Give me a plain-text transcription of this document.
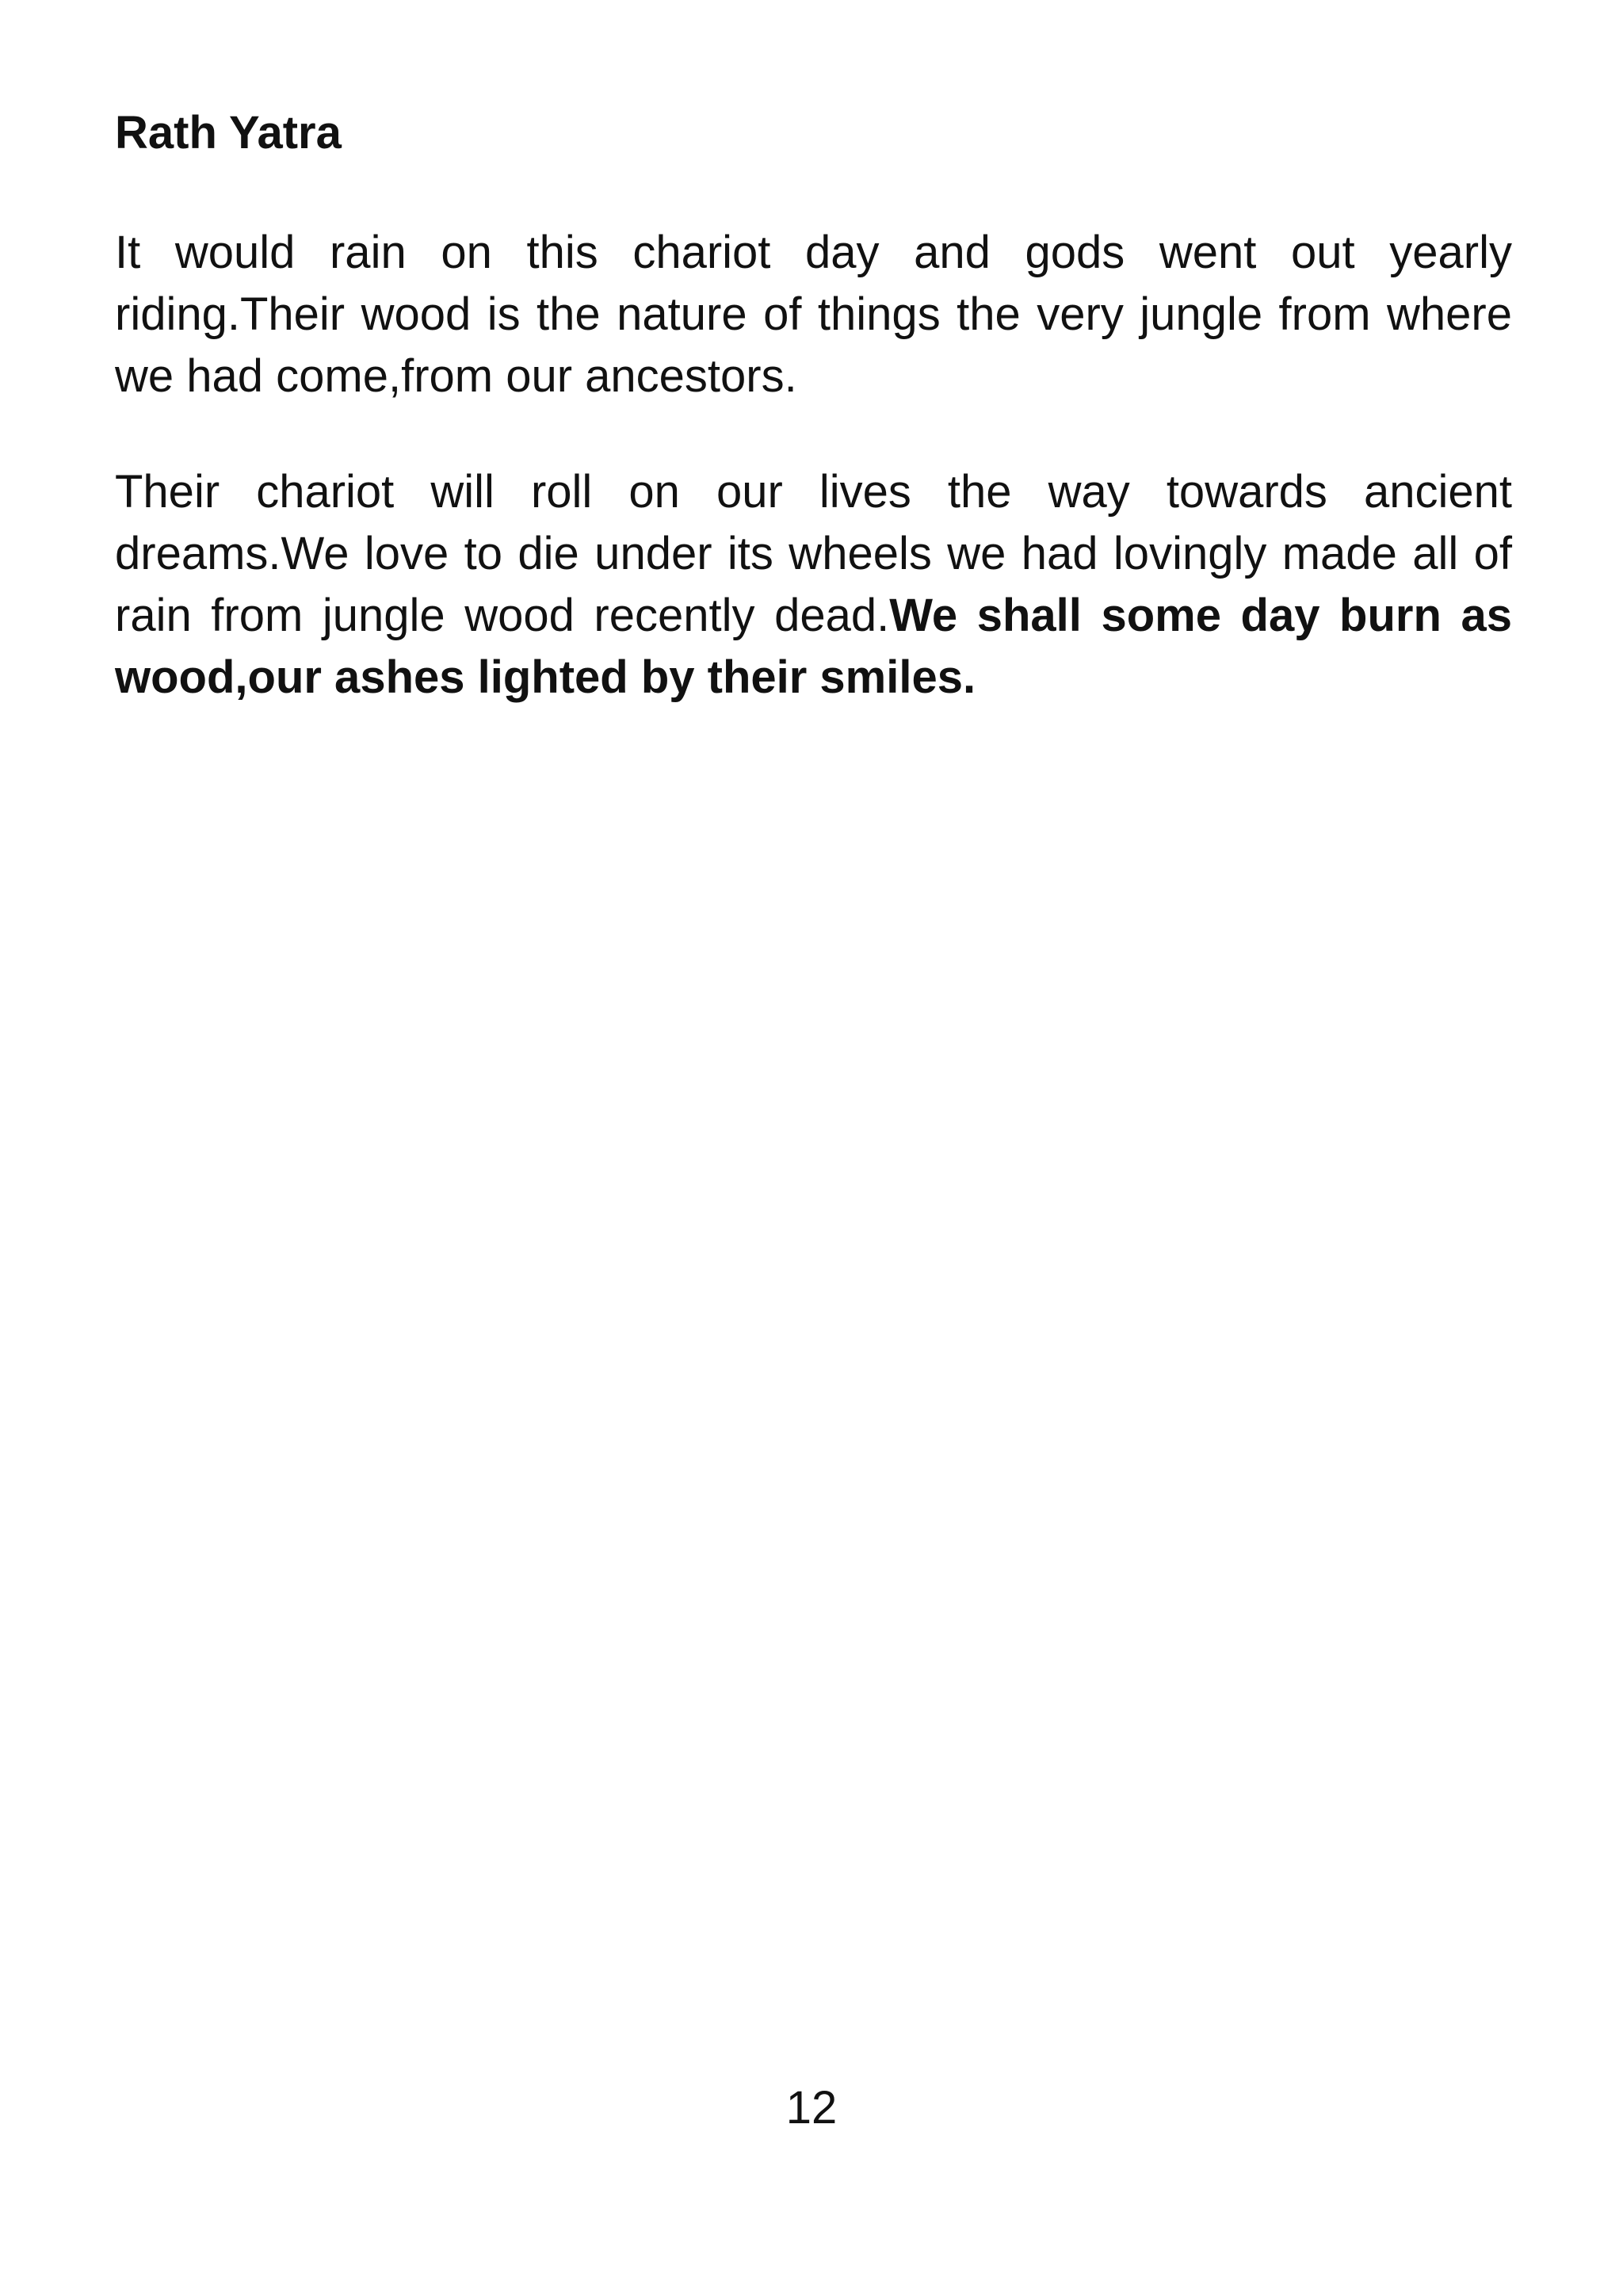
Rath Yatra

It would rain on this chariot day and gods went out yearly riding.Their wood is the nature of things the very jungle from where we had come,from our ancestors.

Their chariot will roll on our lives the way towards ancient dreams.We love to die under its wheels we had lovingly made all of rain from jungle wood recently dead.We shall some day burn as wood,our ashes lighted by their smiles.

12
